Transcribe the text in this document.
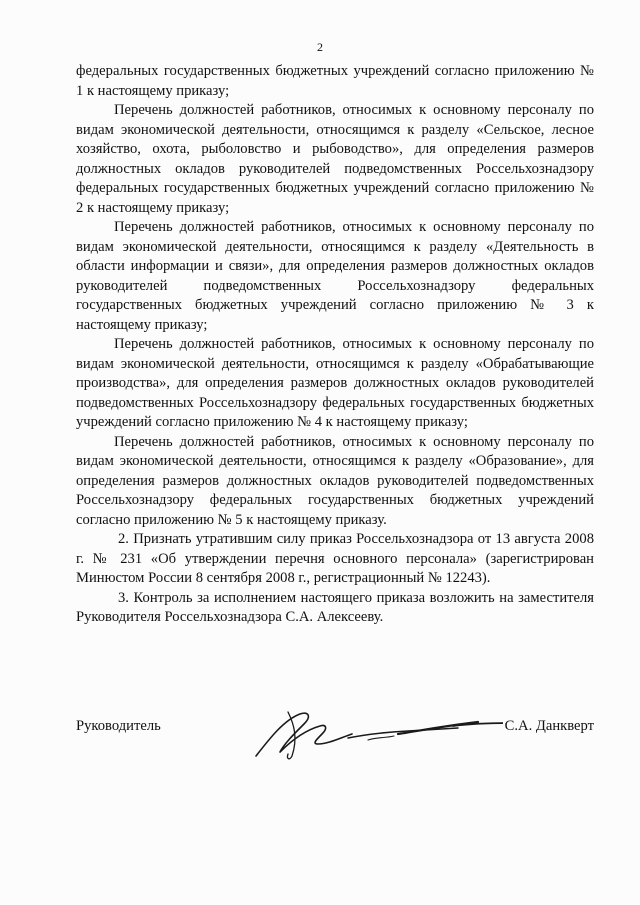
2

федеральных государственных бюджетных учреждений согласно приложению № 1 к настоящему приказу;

Перечень должностей работников, относимых к основному персоналу по видам экономической деятельности, относящимся к разделу «Сельское, лесное хозяйство, охота, рыболовство и рыбоводство», для определения размеров должностных окладов руководителей подведомственных Россельхознадзору федеральных государственных бюджетных учреждений согласно приложению № 2 к настоящему приказу;

Перечень должностей работников, относимых к основному персоналу по видам экономической деятельности, относящимся к разделу «Деятельность в области информации и связи», для определения размеров должностных окладов руководителей подведомственных Россельхознадзору федеральных государственных бюджетных учреждений согласно приложению № 3 к настоящему приказу;

Перечень должностей работников, относимых к основному персоналу по видам экономической деятельности, относящимся к разделу «Обрабатывающие производства», для определения размеров должностных окладов руководителей подведомственных Россельхознадзору федеральных государственных бюджетных учреждений согласно приложению № 4 к настоящему приказу;

Перечень должностей работников, относимых к основному персоналу по видам экономической деятельности, относящимся к разделу «Образование», для определения размеров должностных окладов руководителей подведомственных Россельхознадзору федеральных государственных бюджетных учреждений согласно приложению № 5 к настоящему приказу.

2. Признать утратившим силу приказ Россельхознадзора от 13 августа 2008 г. № 231 «Об утверждении перечня основного персонала» (зарегистрирован Минюстом России 8 сентября 2008 г., регистрационный № 12243).

3. Контроль за исполнением настоящего приказа возложить на заместителя Руководителя Россельхознадзора С.А. Алексееву.

Руководитель	С.А. Данкверт
